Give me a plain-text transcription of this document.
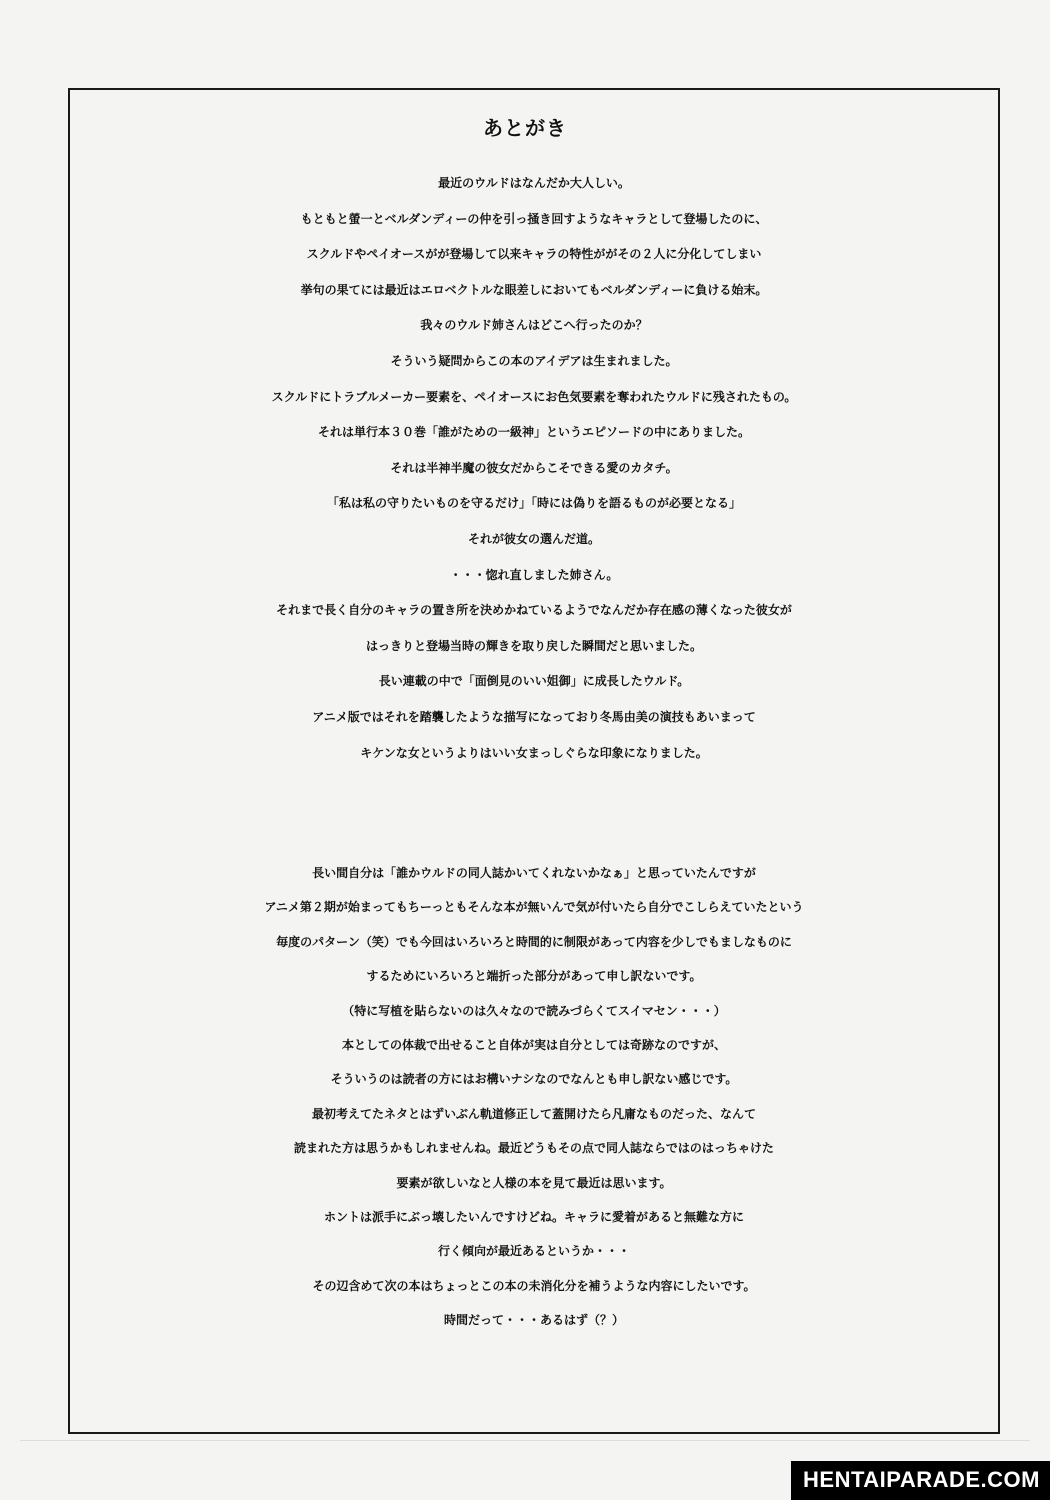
あとがき
最近のウルドはなんだか大人しい。
もともと螢一とベルダンディーの仲を引っ掻き回すようなキャラとして登場したのに、
スクルドやペイオースがが登場して以来キャラの特性ががその２人に分化してしまい
挙句の果てには最近はエロベクトルな眼差しにおいてもベルダンディーに負ける始末。
我々のウルド姉さんはどこへ行ったのか？
そういう疑問からこの本のアイデアは生まれました。
スクルドにトラブルメーカー要素を、ペイオースにお色気要素を奪われたウルドに残されたもの。
それは単行本３０巻「誰がための一級神」というエピソードの中にありました。
それは半神半魔の彼女だからこそできる愛のカタチ。
「私は私の守りたいものを守るだけ」「時には偽りを語るものが必要となる」
それが彼女の選んだ道。
・・・惚れ直しました姉さん。
それまで長く自分のキャラの置き所を決めかねているようでなんだか存在感の薄くなった彼女が
はっきりと登場当時の輝きを取り戻した瞬間だと思いました。
長い連載の中で「面倒見のいい姐御」に成長したウルド。
アニメ版ではそれを踏襲したような描写になっており冬馬由美の演技もあいまって
キケンな女というよりはいい女まっしぐらな印象になりました。
長い間自分は「誰かウルドの同人誌かいてくれないかなぁ」と思っていたんですが
アニメ第２期が始まってもちーっともそんな本が無いんで気が付いたら自分でこしらえていたという
毎度のパターン（笑）でも今回はいろいろと時間的に制限があって内容を少しでもましなものに
するためにいろいろと端折った部分があって申し訳ないです。
（特に写植を貼らないのは久々なので読みづらくてスイマセン・・・）
本としての体裁で出せること自体が実は自分としては奇跡なのですが、
そういうのは読者の方にはお構いナシなのでなんとも申し訳ない感じです。
最初考えてたネタとはずいぶん軌道修正して蓋開けたら凡庸なものだった、なんて
読まれた方は思うかもしれませんね。最近どうもその点で同人誌ならではのはっちゃけた
要素が欲しいなと人様の本を見て最近は思います。
ホントは派手にぶっ壊したいんですけどね。キャラに愛着があると無難な方に
行く傾向が最近あるというか・・・
その辺含めて次の本はちょっとこの本の未消化分を補うような内容にしたいです。
時間だって・・・あるはず（？）
HENTAIPARADE.COM
